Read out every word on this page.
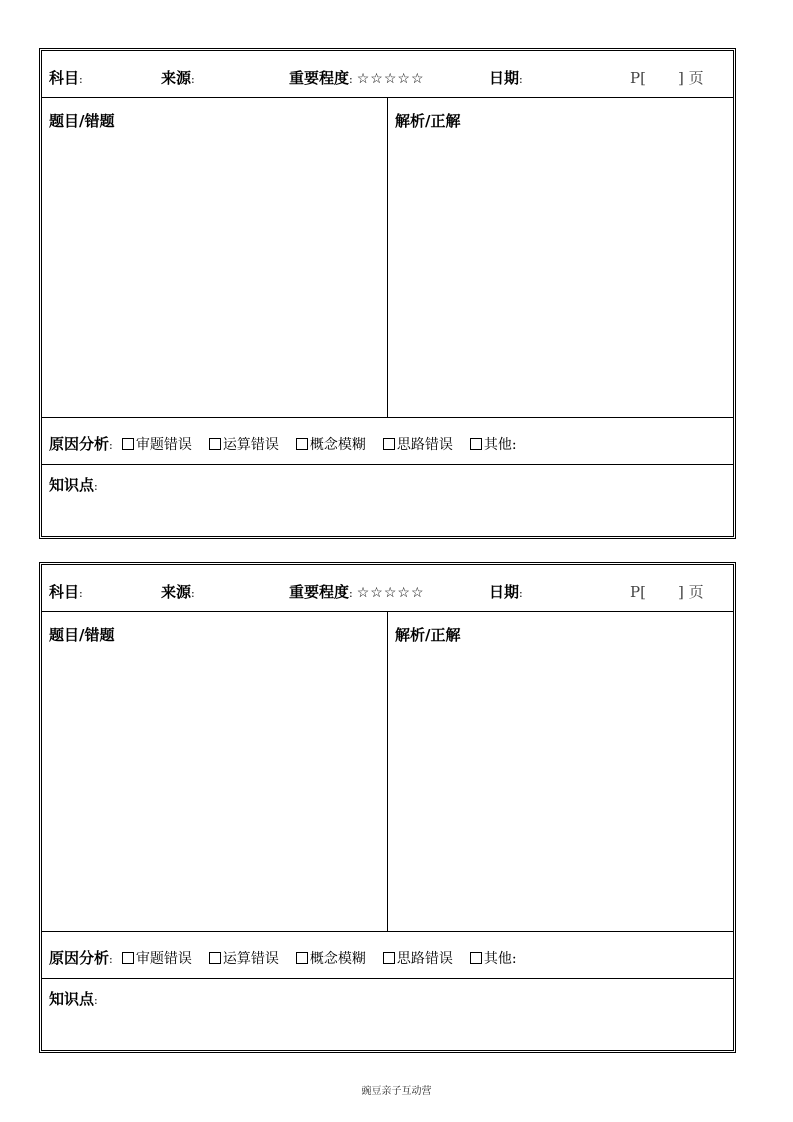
科目:	来源:	重要程度: ☆☆☆☆☆	日期:	P[ ] 页
题目/错题	解析/正解
原因分析: 审题错误 运算错误 概念模糊 思路错误 其他:
知识点:
科目:	来源:	重要程度: ☆☆☆☆☆	日期:	P[ ] 页
题目/错题	解析/正解
原因分析: 审题错误 运算错误 概念模糊 思路错误 其他:
知识点:
豌豆亲子互动营
